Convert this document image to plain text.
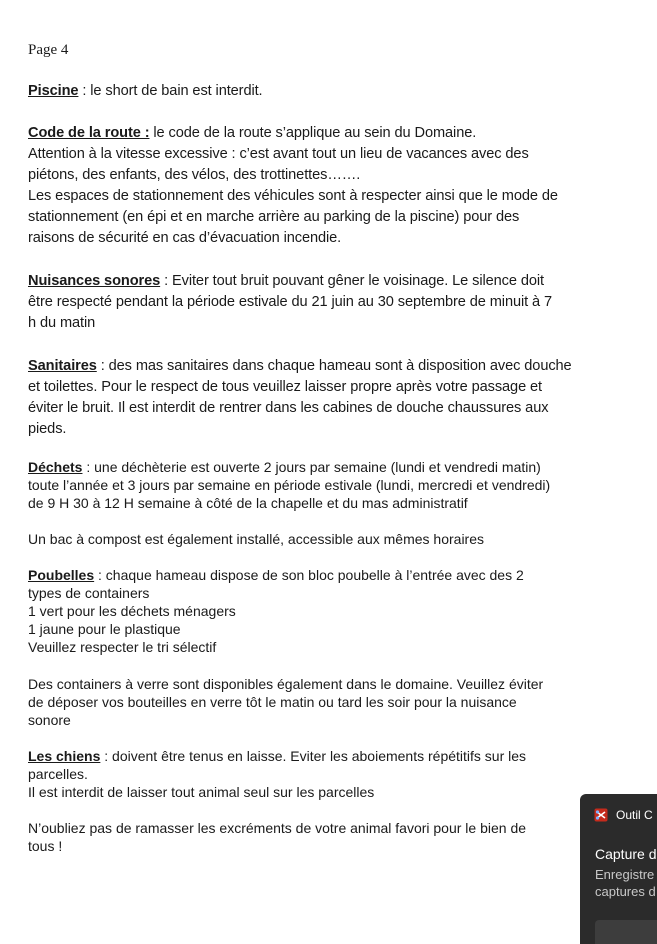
Page 4

Piscine : le short de bain est interdit.

Code de la route : le code de la route s’applique au sein du Domaine.
Attention à la vitesse excessive : c’est avant tout un lieu de vacances avec des
piétons, des enfants, des vélos, des trottinettes…….
Les espaces de stationnement des véhicules sont à respecter ainsi que le mode de
stationnement (en épi et en marche arrière au parking de la piscine) pour des
raisons de sécurité en cas d’évacuation incendie.

Nuisances sonores : Eviter tout bruit pouvant gêner le voisinage. Le silence doit
être respecté pendant la période estivale du 21 juin au 30 septembre de minuit à 7
h du matin

Sanitaires : des mas sanitaires dans chaque hameau sont à disposition avec douche
et toilettes. Pour le respect de tous veuillez laisser propre après votre passage et
éviter le bruit. Il est interdit de rentrer dans les cabines de douche chaussures aux
pieds.

Déchets : une déchèterie est ouverte 2 jours par semaine (lundi et vendredi matin)
toute l’année et 3 jours par semaine en période estivale (lundi, mercredi et vendredi)
de 9 H 30 à 12 H semaine à côté de la chapelle et du mas administratif

Un bac à compost est également installé, accessible aux mêmes horaires

Poubelles : chaque hameau dispose de son bloc poubelle à l’entrée avec des 2
types de containers
1 vert pour les déchets ménagers
1 jaune pour le plastique
Veuillez respecter le tri sélectif

Des containers à verre sont disponibles également dans le domaine. Veuillez éviter
de déposer vos bouteilles en verre tôt le matin ou tard les soir pour la nuisance
sonore

Les chiens : doivent être tenus en laisse. Eviter les aboiements répétitifs sur les
parcelles.
Il est interdit de laisser tout animal seul sur les parcelles

N’oubliez pas de ramasser les excréments de votre animal favori pour le bien de
tous !

Outil C
Capture d
Enregistre
captures d
